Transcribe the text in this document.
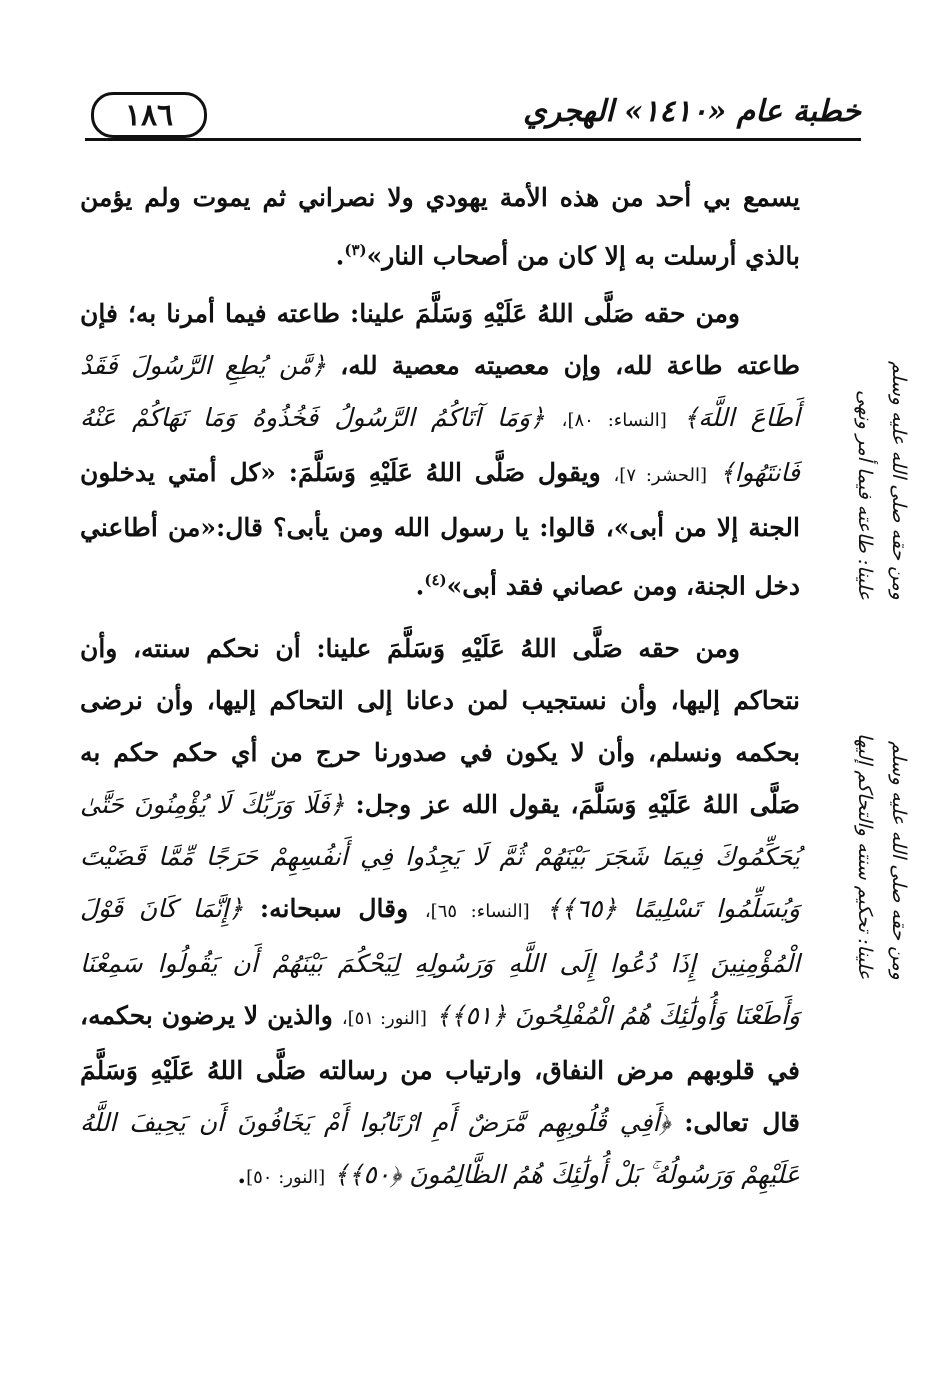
١٨٦	خطبة عام «١٤١٠» الهجري
ومن حقه صلى الله عليه وسلم
علينا: طاعته فيما أمر ونهى
ومن حقه صلى الله عليه وسلم
علينا: تحكيم سنته والتحاكم إليها

يسمع بي أحد من هذه الأمة يهودي ولا نصراني ثم يموت ولم يؤمن بالذي أرسلت به إلا كان من أصحاب النار»$^{(٣)}$.

ومن حقه صَلَّى اللهُ عَلَيْهِ وَسَلَّمَ علينا: طاعته فيما أمرنا به؛ فإن طاعته طاعة لله، وإن معصيته معصية لله، ﴿مَّن يُطِعِ الرَّسُولَ فَقَدْ أَطَاعَ اللَّهَ﴾ [النساء: ٨٠]، ﴿وَمَا آتَاكُمُ الرَّسُولُ فَخُذُوهُ وَمَا نَهَاكُمْ عَنْهُ فَانتَهُوا﴾ [الحشر: ٧]، ويقول صَلَّى اللهُ عَلَيْهِ وَسَلَّمَ: «كل أمتي يدخلون الجنة إلا من أبى»، قالوا: يا رسول الله ومن يأبى؟ قال:«من أطاعني دخل الجنة، ومن عصاني فقد أبى»$^{(٤)}$.

ومن حقه صَلَّى اللهُ عَلَيْهِ وَسَلَّمَ علينا: أن نحكم سنته، وأن نتحاكم إليها، وأن نستجيب لمن دعانا إلى التحاكم إليها، وأن نرضى بحكمه ونسلم، وأن لا يكون في صدورنا حرج من أي حكم حكم به صَلَّى اللهُ عَلَيْهِ وَسَلَّمَ، يقول الله عز وجل: ﴿فَلَا وَرَبِّكَ لَا يُؤْمِنُونَ حَتَّىٰ يُحَكِّمُوكَ فِيمَا شَجَرَ بَيْنَهُمْ ثُمَّ لَا يَجِدُوا فِي أَنفُسِهِمْ حَرَجًا مِّمَّا قَضَيْتَ وَيُسَلِّمُوا تَسْلِيمًا ﴿٦٥﴾﴾ [النساء: ٦٥]، وقال سبحانه: ﴿إِنَّمَا كَانَ قَوْلَ الْمُؤْمِنِينَ إِذَا دُعُوا إِلَى اللَّهِ وَرَسُولِهِ لِيَحْكُمَ بَيْنَهُمْ أَن يَقُولُوا سَمِعْنَا وَأَطَعْنَا وَأُولَٰئِكَ هُمُ الْمُفْلِحُونَ ﴿٥١﴾﴾ [النور: ٥١]، والذين لا يرضون بحكمه، في قلوبهم مرض النفاق، وارتياب من رسالته صَلَّى اللهُ عَلَيْهِ وَسَلَّمَ قال تعالى: ﴿أَفِي قُلُوبِهِم مَّرَضٌ أَمِ ارْتَابُوا أَمْ يَخَافُونَ أَن يَحِيفَ اللَّهُ عَلَيْهِمْ وَرَسُولُهُ ۚ بَلْ أُولَٰئِكَ هُمُ الظَّالِمُونَ ﴿٥٠﴾﴾ [النور: ٥٠].
